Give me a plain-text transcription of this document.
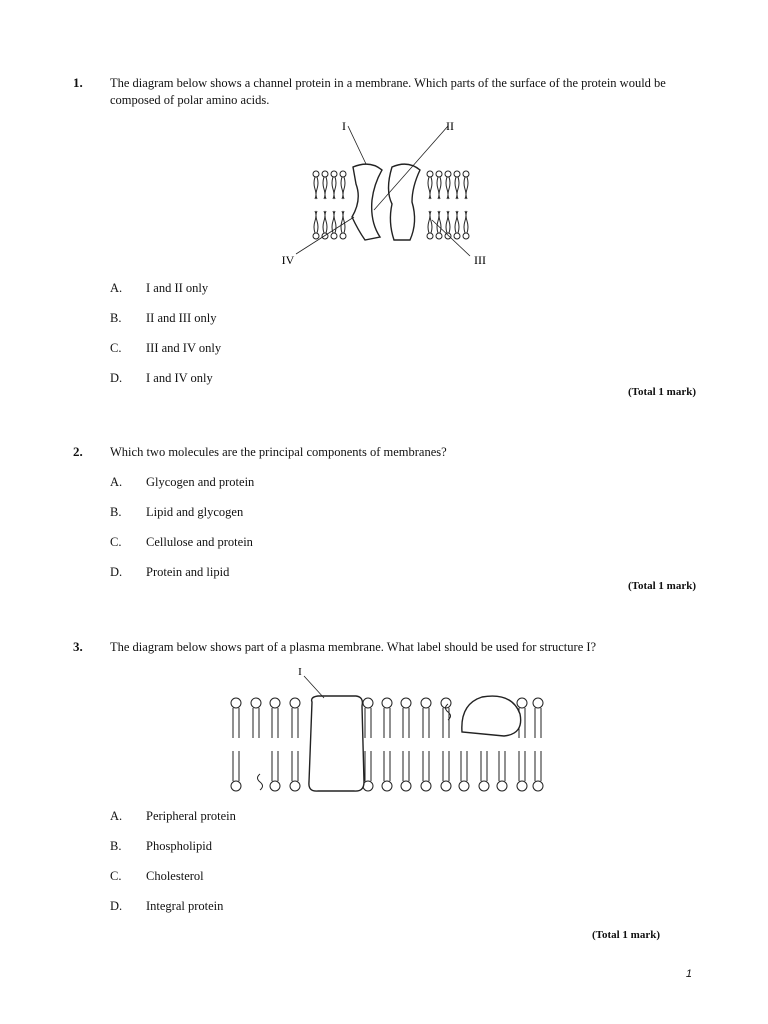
1. The diagram below shows a channel protein in a membrane. Which parts of the surface of the protein would be composed of polar amino acids.
I	II
III
IV
A.	I and II only
B.	II and III only
C.	III and IV only
D.	I and IV only
(Total 1 mark)
2. Which two molecules are the principal components of membranes?
A.	Glycogen and protein
B.	Lipid and glycogen
C.	Cellulose and protein
D.	Protein and lipid
(Total 1 mark)
3. The diagram below shows part of a plasma membrane. What label should be used for structure I?
I
A.	Peripheral protein
B.	Phospholipid
C.	Cholesterol
D.	Integral protein
(Total 1 mark)
1
